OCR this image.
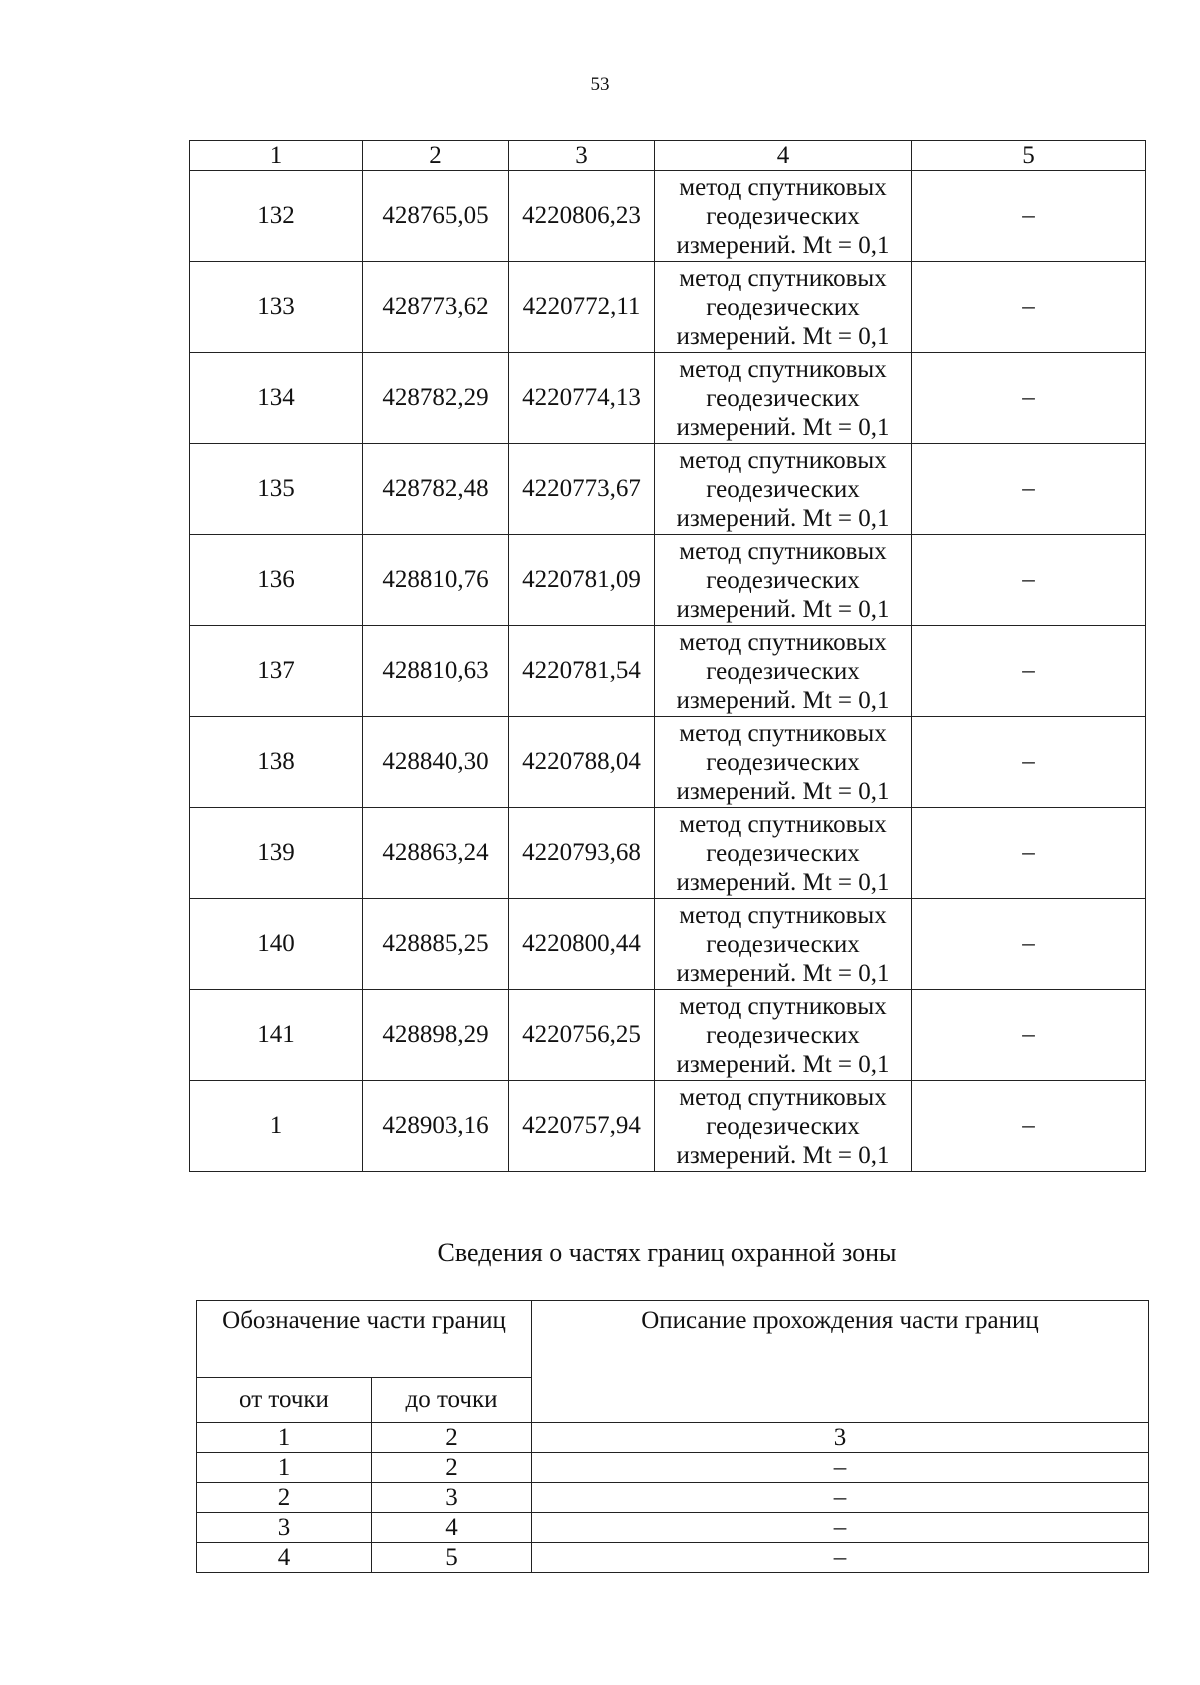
53
1	2	3	4	5
132	428765,05	4220806,23	метод спутниковых
геодезических
измерений. Mt = 0,1	–
133	428773,62	4220772,11	метод спутниковых
геодезических
измерений. Mt = 0,1	–
134	428782,29	4220774,13	метод спутниковых
геодезических
измерений. Mt = 0,1	–
135	428782,48	4220773,67	метод спутниковых
геодезических
измерений. Mt = 0,1	–
136	428810,76	4220781,09	метод спутниковых
геодезических
измерений. Mt = 0,1	–
137	428810,63	4220781,54	метод спутниковых
геодезических
измерений. Mt = 0,1	–
138	428840,30	4220788,04	метод спутниковых
геодезических
измерений. Mt = 0,1	–
139	428863,24	4220793,68	метод спутниковых
геодезических
измерений. Mt = 0,1	–
140	428885,25	4220800,44	метод спутниковых
геодезических
измерений. Mt = 0,1	–
141	428898,29	4220756,25	метод спутниковых
геодезических
измерений. Mt = 0,1	–
1	428903,16	4220757,94	метод спутниковых
геодезических
измерений. Mt = 0,1	–
Сведения о частях границ охранной зоны
Обозначение части границ		Описание прохождения части границ
от точки	до точки	
1	2	3
1	2	–
2	3	–
3	4	–
4	5	–
